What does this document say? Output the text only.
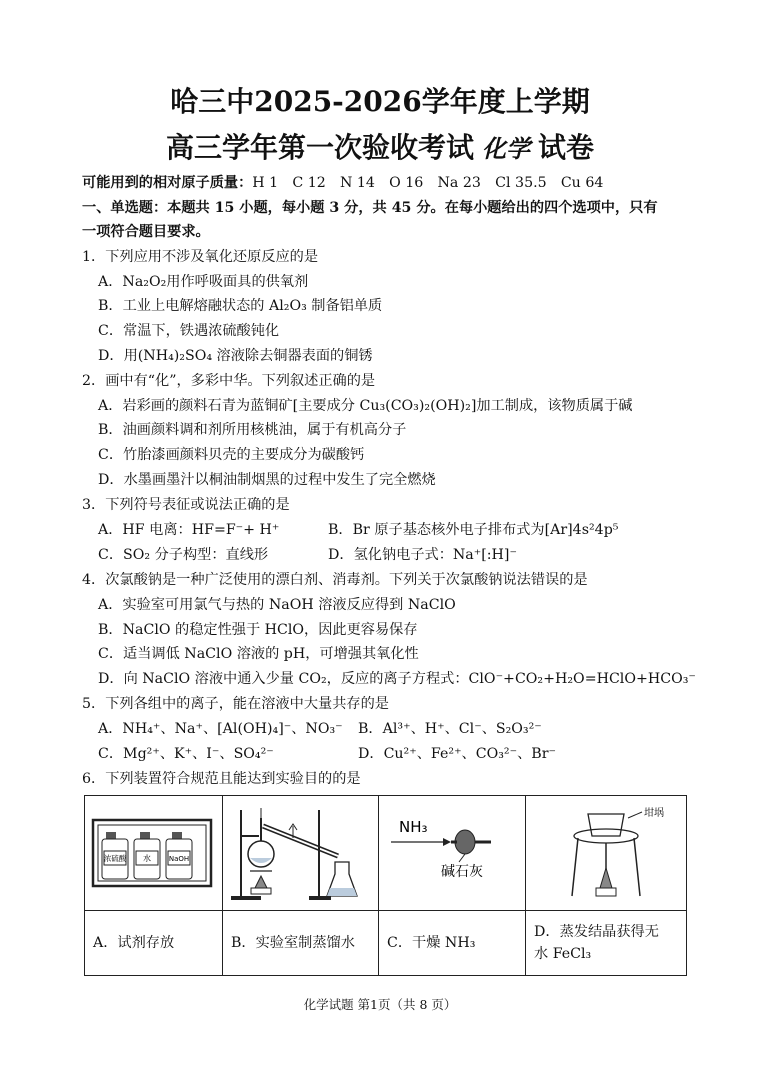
哈三中2025-2026学年度上学期
高三学年第一次验收考试 化学 试卷
可能用到的相对原子质量：H 1　C 12　N 14　O 16　Na 23　Cl 35.5　Cu 64
一、单选题：本题共 15 小题，每小题 3 分，共 45 分。在每小题给出的四个选项中，只有
一项符合题目要求。
1．下列应用不涉及氧化还原反应的是
A．Na₂O₂用作呼吸面具的供氧剂
B．工业上电解熔融状态的 Al₂O₃ 制备铝单质
C．常温下，铁遇浓硫酸钝化
D．用(NH₄)₂SO₄ 溶液除去铜器表面的铜锈
2．画中有“化”，多彩中华。下列叙述正确的是
A．岩彩画的颜料石青为蓝铜矿[主要成分 Cu₃(CO₃)₂(OH)₂]加工制成，该物质属于碱
B．油画颜料调和剂所用核桃油，属于有机高分子
C．竹胎漆画颜料贝壳的主要成分为碳酸钙
D．水墨画墨汁以桐油制烟黑的过程中发生了完全燃烧
3．下列符号表征或说法正确的是
A．HF 电离：HF=F⁻+ H⁺	B．Br 原子基态核外电子排布式为[Ar]4s²4p⁵
C．SO₂ 分子构型：直线形	D．氢化钠电子式：Na⁺[:H]⁻
4．次氯酸钠是一种广泛使用的漂白剂、消毒剂。下列关于次氯酸钠说法错误的是
A．实验室可用氯气与热的 NaOH 溶液反应得到 NaClO
B．NaClO 的稳定性强于 HClO，因此更容易保存
C．适当调低 NaClO 溶液的 pH，可增强其氧化性
D．向 NaClO 溶液中通入少量 CO₂，反应的离子方程式：ClO⁻+CO₂+H₂O=HClO+HCO₃⁻
5．下列各组中的离子，能在溶液中大量共存的是
A．NH₄⁺、Na⁺、[Al(OH)₄]⁻、NO₃⁻ B．Al³⁺、H⁺、Cl⁻、S₂O₃²⁻
C．Mg²⁺、K⁺、I⁻、SO₄²⁻	D．Cu²⁺、Fe²⁺、CO₃²⁻、Br⁻
6．下列装置符合规范且能达到实验目的的是
浓硫酸 水 NaOH		NH₃
碱石灰	坩埚

A．试剂存放	B．实验室制蒸馏水	C．干燥 NH₃	D．蒸发结晶获得无
水 FeCl₃
化学试题 第1页（共 8 页）
